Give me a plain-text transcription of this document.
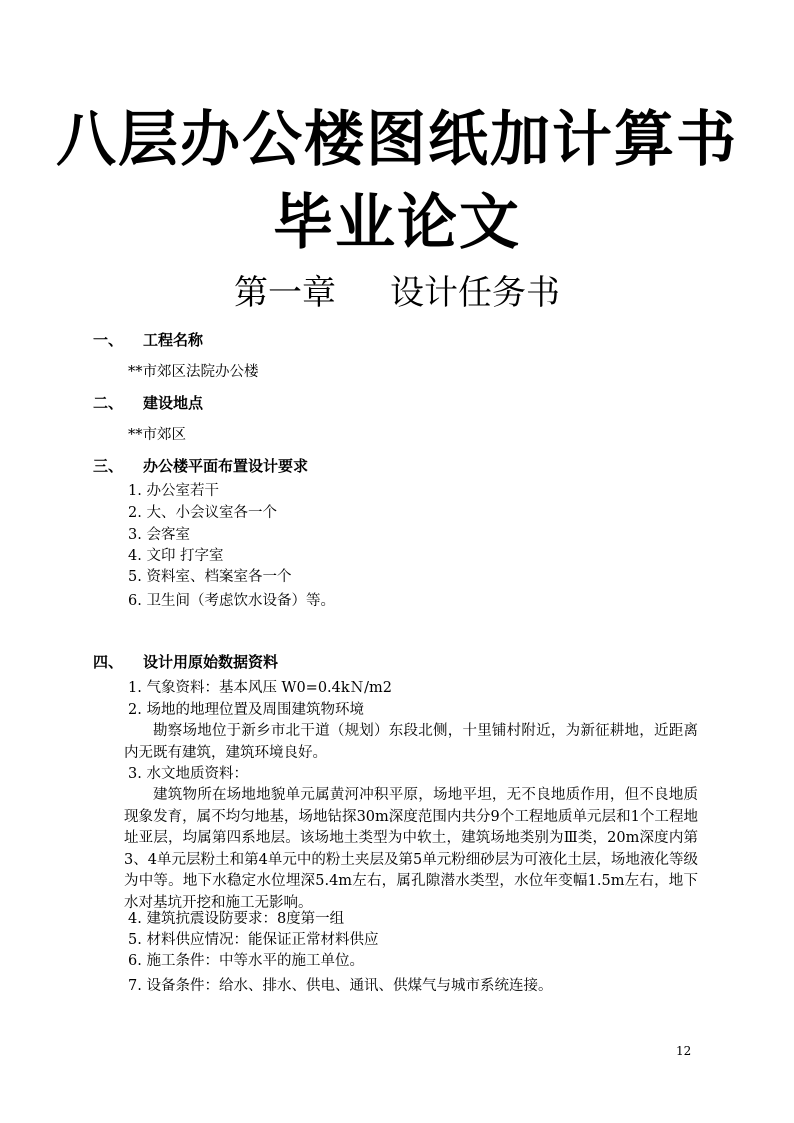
八层办公楼图纸加计算书
毕业论文
第一章 设计任务书
一、 工程名称
**市郊区法院办公楼
二、 建设地点
**市郊区
三、 办公楼平面布置设计要求
1. 办公室若干
2. 大、小会议室各一个
3. 会客室
4. 文印 打字室
5. 资料室、档案室各一个
6. 卫生间（考虑饮水设备）等。
四、 设计用原始数据资料
1. 气象资料：基本风压 W0=0.4kＮ/m2
2. 场地的地理位置及周围建筑物环境
勘察场地位于新乡市北干道（规划）东段北侧，十里铺村附近，为新征耕地，近距离内无既有建筑，建筑环境良好。
3. 水文地质资料：
建筑物所在场地地貌单元属黄河冲积平原，场地平坦，无不良地质作用，但不良地质现象发育，属不均匀地基，场地钻探30m深度范围内共分9个工程地质单元层和1个工程地址亚层，均属第四系地层。该场地土类型为中软土，建筑场地类别为Ⅲ类，20m深度内第3、4单元层粉土和第4单元中的粉土夹层及第5单元粉细砂层为可液化土层，场地液化等级为中等。地下水稳定水位埋深5.4m左右，属孔隙潜水类型，水位年变幅1.5m左右，地下水对基坑开挖和施工无影响。
4. 建筑抗震设防要求：8度第一组
5. 材料供应情况：能保证正常材料供应
6. 施工条件：中等水平的施工单位。
7. 设备条件：给水、排水、供电、通讯、供煤气与城市系统连接。
12
